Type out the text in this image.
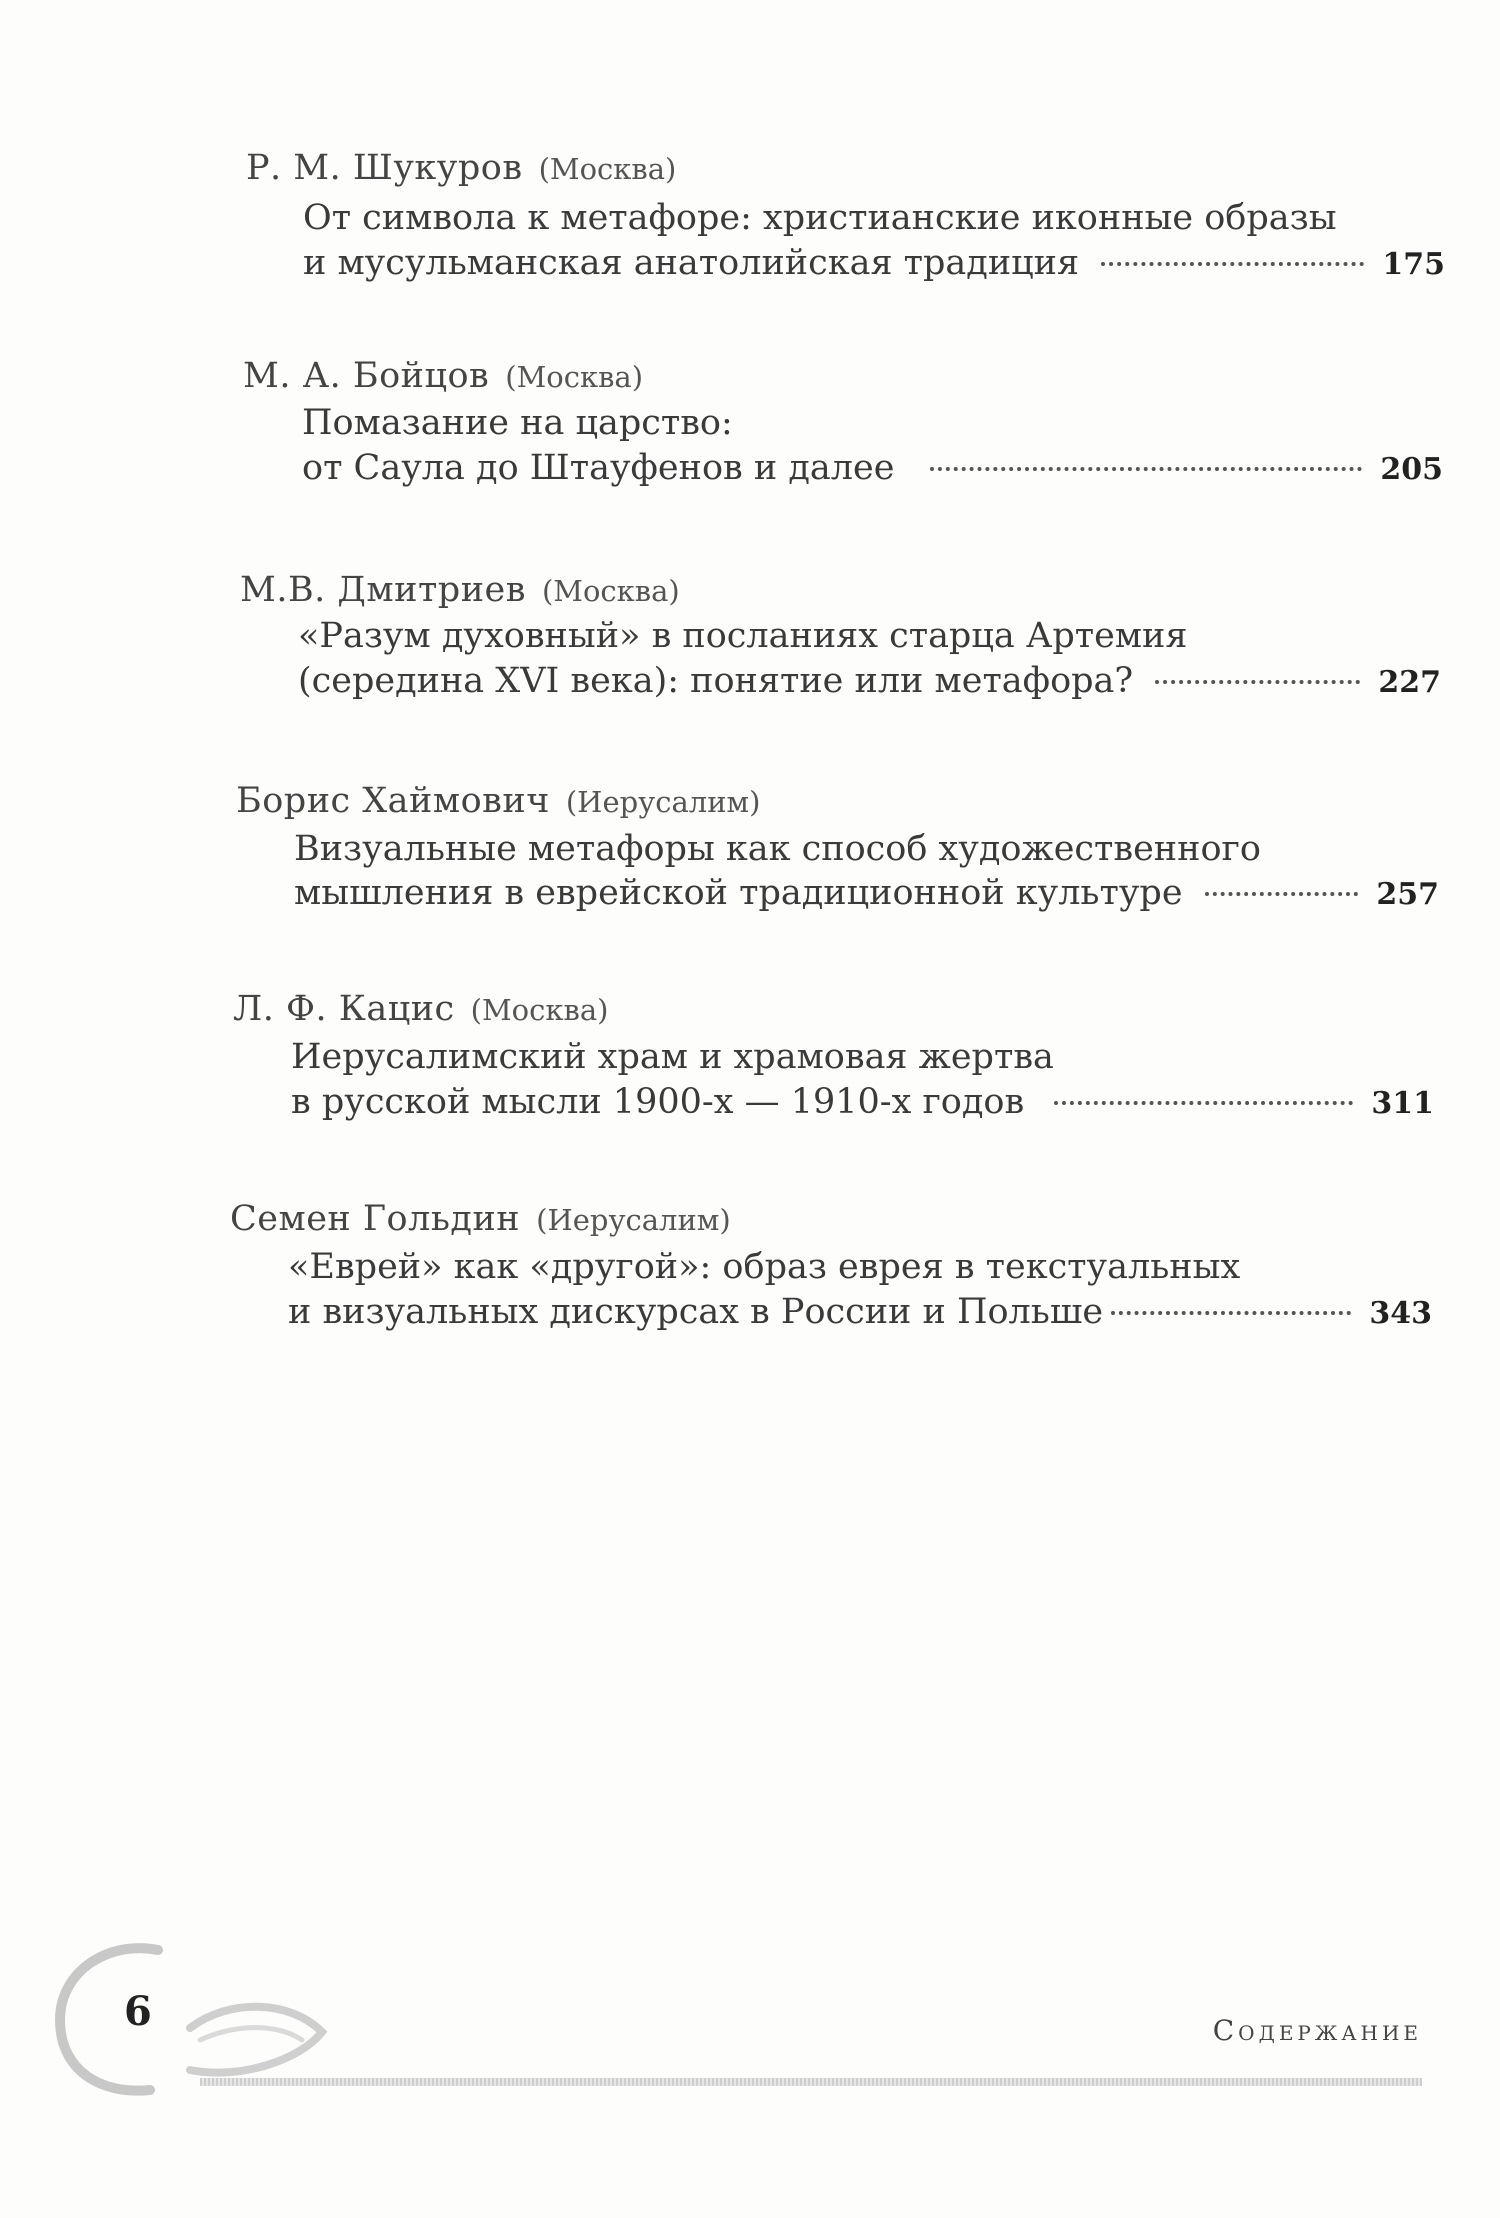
Р. М. Шукуров (Москва)
От символа к метафоре: христианские иконные образы
и мусульманская анатолийская традиция	175
М. А. Бойцов (Москва)
Помазание на царство:
от Саула до Штауфенов и далее	205
М.В. Дмитриев (Москва)
«Разум духовный» в посланиях старца Артемия
(середина XVI века): понятие или метафора?	227
Борис Хаймович (Иерусалим)
Визуальные метафоры как способ художественного
мышления в еврейской традиционной культуре	257
Л. Ф. Кацис (Москва)
Иерусалимский храм и храмовая жертва
в русской мысли 1900-х — 1910-х годов	311
Семен Гольдин (Иерусалим)
«Еврей» как «другой»: образ еврея в текстуальных
и визуальных дискурсах в России и Польше	343
6	Содержание
